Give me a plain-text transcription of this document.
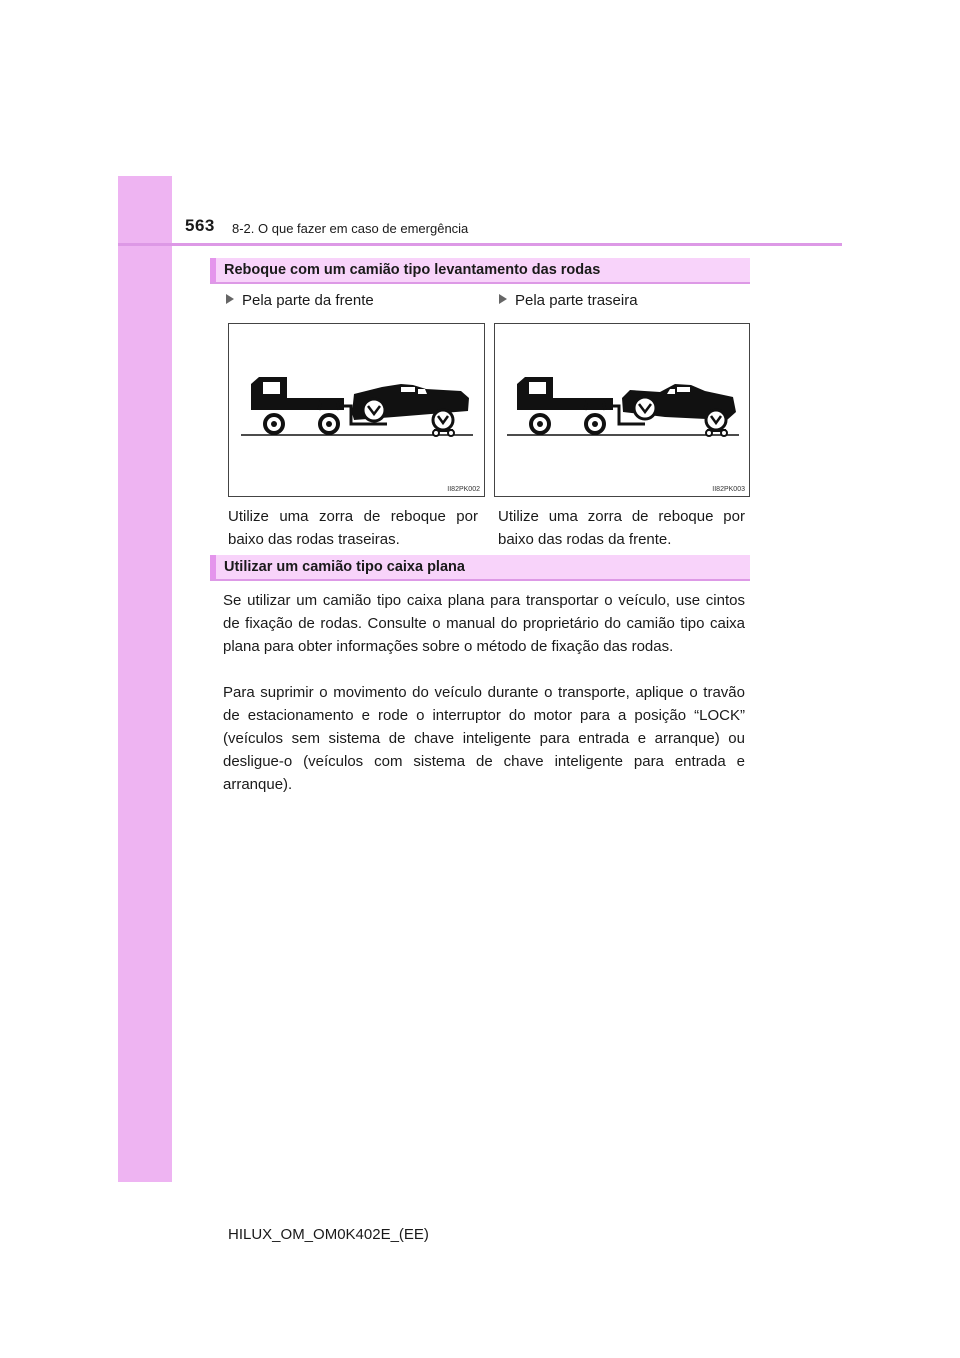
563 8-2. O que fazer em caso de emergência
Reboque com um camião tipo levantamento das rodas
Pela parte da frente	Pela parte traseira
II82PK002	II82PK003
Utilize uma zorra de reboque por baixo das rodas traseiras.
Utilize uma zorra de reboque por baixo das rodas da frente.
Utilizar um camião tipo caixa plana
Se utilizar um camião tipo caixa plana para transportar o veículo, use cintos de fixação de rodas. Consulte o manual do proprietário do camião tipo caixa plana para obter informações sobre o método de fixação das rodas.
Para suprimir o movimento do veículo durante o transporte, aplique o travão de estacionamento e rode o interruptor do motor para a posição “LOCK” (veículos sem sistema de chave inteligente para entrada e arranque) ou desligue-o (veículos com sistema de chave inteligente para entrada e arranque).
HILUX_OM_OM0K402E_(EE)
